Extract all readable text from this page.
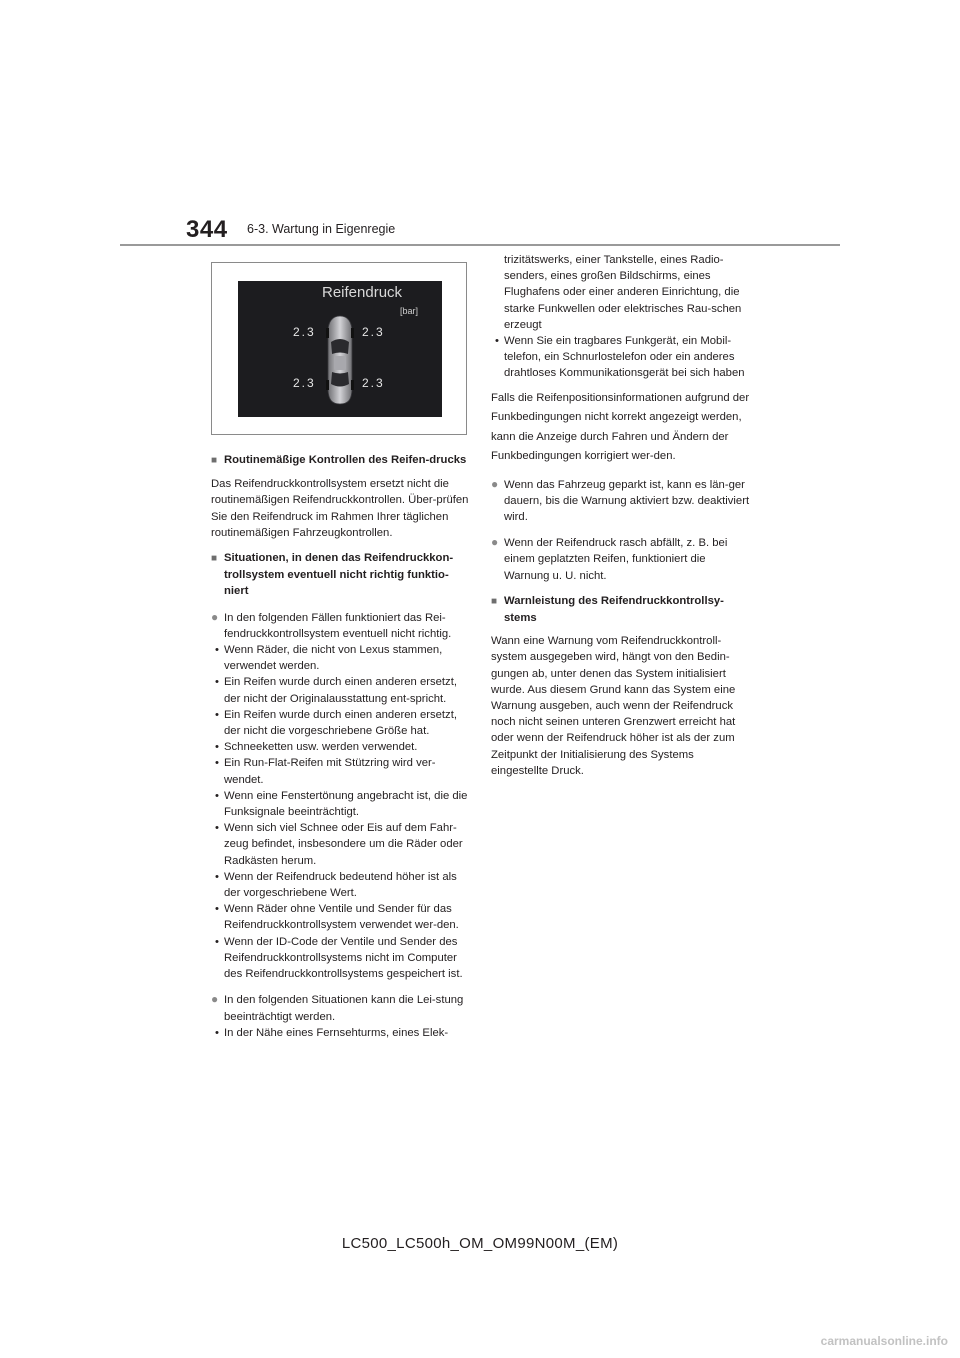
344 6-3. Wartung in Eigenregie
Reifendruck
[bar]
2.3	2.3
2.3	2.3
■ Routinemäßige Kontrollen des Reifen-drucks
Das Reifendruckkontrollsystem ersetzt nicht die routinemäßigen Reifendruckkontrollen. Über-prüfen Sie den Reifendruck im Rahmen Ihrer täglichen routinemäßigen Fahrzeugkontrollen.
■ Situationen, in denen das Reifendruckkon-trollsystem eventuell nicht richtig funktio-niert
● In den folgenden Fällen funktioniert das Rei-fendruckkontrollsystem eventuell nicht richtig.
• Wenn Räder, die nicht von Lexus stammen, verwendet werden.
• Ein Reifen wurde durch einen anderen ersetzt, der nicht der Originalausstattung ent-spricht.
• Ein Reifen wurde durch einen anderen ersetzt, der nicht die vorgeschriebene Größe hat.
• Schneeketten usw. werden verwendet.
• Ein Run-Flat-Reifen mit Stützring wird ver-wendet.
• Wenn eine Fenstertönung angebracht ist, die die Funksignale beeinträchtigt.
• Wenn sich viel Schnee oder Eis auf dem Fahr-zeug befindet, insbesondere um die Räder oder Radkästen herum.
• Wenn der Reifendruck bedeutend höher ist als der vorgeschriebene Wert.
• Wenn Räder ohne Ventile und Sender für das Reifendruckkontrollsystem verwendet wer-den.
• Wenn der ID-Code der Ventile und Sender des Reifendruckkontrollsystems nicht im Computer des Reifendruckkontrollsystems gespeichert ist.
● In den folgenden Situationen kann die Lei-stung beeinträchtigt werden.
• In der Nähe eines Fernsehturms, eines Elek-
trizitätswerks, einer Tankstelle, eines Radio-senders, eines großen Bildschirms, eines Flughafens oder einer anderen Einrichtung, die starke Funkwellen oder elektrisches Rau-schen erzeugt
• Wenn Sie ein tragbares Funkgerät, ein Mobil-telefon, ein Schnurlostelefon oder ein anderes drahtloses Kommunikationsgerät bei sich haben
Falls die Reifenpositionsinformationen aufgrund der Funkbedingungen nicht korrekt angezeigt werden, kann die Anzeige durch Fahren und Ändern der Funkbedingungen korrigiert wer-den.
● Wenn das Fahrzeug geparkt ist, kann es län-ger dauern, bis die Warnung aktiviert bzw. deaktiviert wird.
● Wenn der Reifendruck rasch abfällt, z. B. bei einem geplatzten Reifen, funktioniert die Warnung u. U. nicht.
■ Warnleistung des Reifendruckkontrollsy-stems
Wann eine Warnung vom Reifendruckkontroll-system ausgegeben wird, hängt von den Bedin-gungen ab, unter denen das System initialisiert wurde. Aus diesem Grund kann das System eine Warnung ausgeben, auch wenn der Reifendruck noch nicht seinen unteren Grenzwert erreicht hat oder wenn der Reifendruck höher ist als der zum Zeitpunkt der Initialisierung des Systems eingestellte Druck.
LC500_LC500h_OM_OM99N00M_(EM)
carmanualsonline.info
